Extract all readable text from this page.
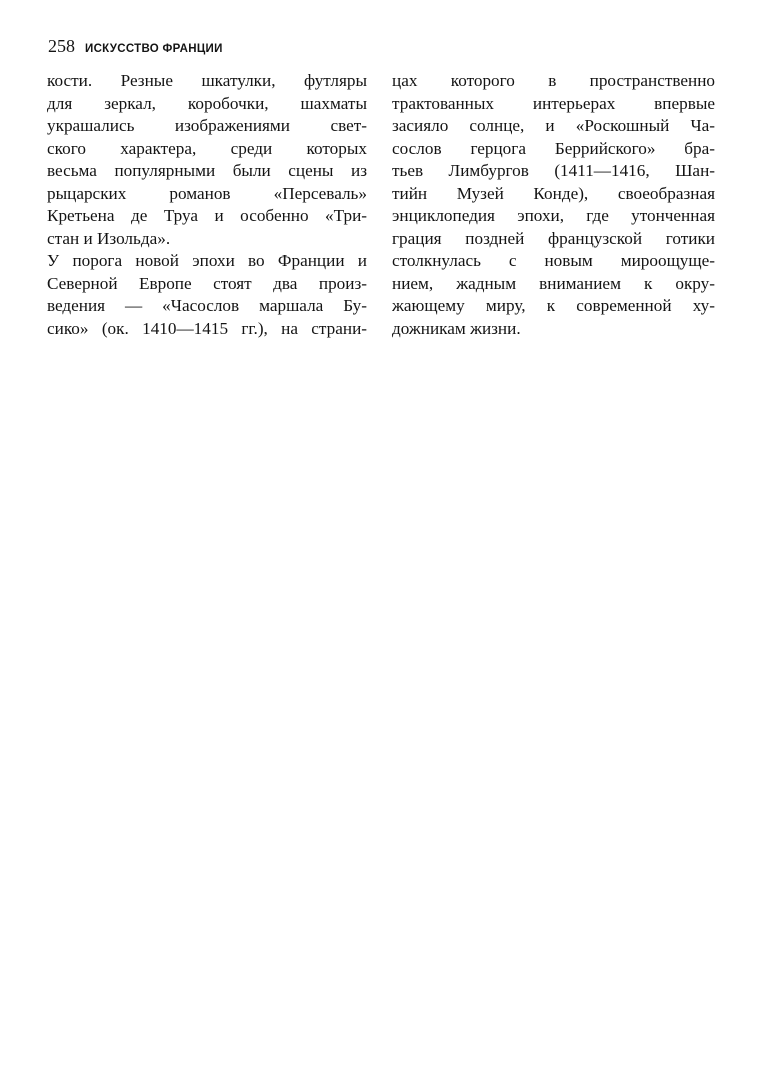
258 ИСКУССТВО ФРАНЦИИ
кости. Резные шкатулки, футляры
для зеркал, коробочки, шахматы
украшались изображениями свет-
ского характера, среди которых
весьма популярными были сцены из
рыцарских романов «Персеваль»
Кретьена де Труа и особенно «Три-
стан и Изольда».
У порога новой эпохи во Франции и
Северной Европе стоят два произ-
ведения — «Часослов маршала Бу-
сико» (ок. 1410—1415 гг.), на страни-
цах которого в пространственно
трактованных интерьерах впервые
засияло солнце, и «Роскошный Ча-
сослов герцога Беррийского» бра-
тьев Лимбургов (1411—1416, Шан-
тийн Музей Конде), своеобразная
энциклопедия эпохи, где утонченная
грация поздней французской готики
столкнулась с новым мироощуще-
нием, жадным вниманием к окру-
жающему миру, к современной ху-
дожникам жизни.
